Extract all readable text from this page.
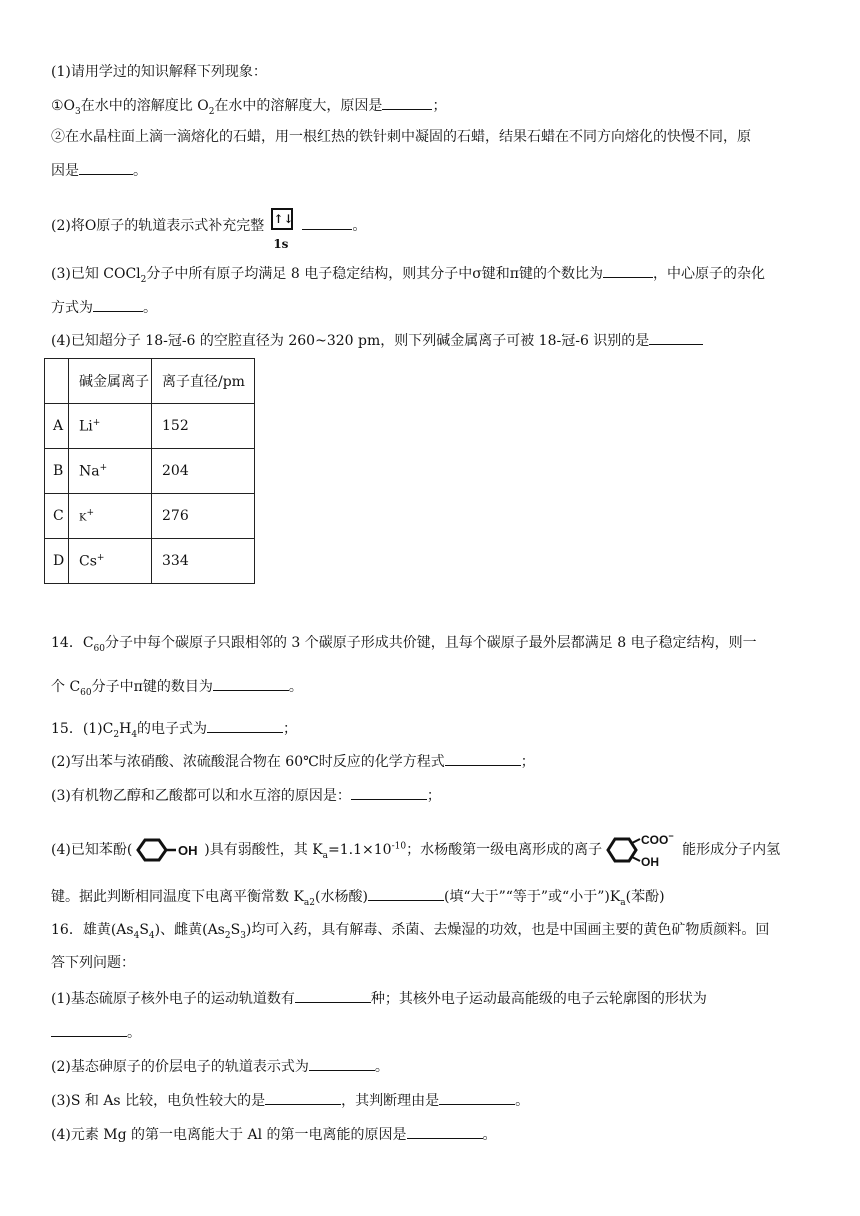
(1)请用学过的知识解释下列现象：
$①O_3$在水中的溶解度比 $O_2$在水中的溶解度大，原因是	；
②在水晶柱面上滴一滴熔化的石蜡，用一根红热的铁针刺中凝固的石蜡，结果石蜡在不同方向熔化的快慢不同，原
因是	。
(2)将O原子的轨道表示式补充完整 ↑↓
1s
。
(3)已知 COCl$_2$分子中所有原子均满足 8 电子稳定结构，则其分子中σ键和π键的个数比为	，中心原子的杂化
方式为	。
(4)已知超分子 18-冠-6 的空腔直径为 260~320 pm，则下列碱金属离子可被 18-冠-6 识别的是
	碱金属离子	离子直径/pm
A	Li+	152
B	Na+	204
C	K+	276
D	Cs+	334
14．$C_{60}$分子中每个碳原子只跟相邻的 3 个碳原子形成共价键，且每个碳原子最外层都满足 8 电子稳定结构，则一
个 $C_{60}$分子中π键的数目为	。
15．$(1)C_2H_4$的电子式为	；
(2)写出苯与浓硝酸、浓硫酸混合物在 60℃时反应的化学方程式	；
(3)有机物乙醇和乙酸都可以和水互溶的原因是：	；
(4)已知苯酚(	OH )具有弱酸性，其 $K_a=1.1\times 10^{-10}$；水杨酸第一级电离形成的离子
COO−
OH
能形成分子内氢
键。据此判断相同温度下电离平衡常数 $K_{a2}$(水杨酸)	(填“大于”“等于”或“小于$”)K_a$(苯酚)
16．雄黄$(As_4S_4)$、雌黄$(As_2S_3)$均可入药，具有解毒、杀菌、去燥湿的功效，也是中国画主要的黄色矿物质颜料。回
答下列问题：
(1)基态硫原子核外电子的运动轨道数有	种；其核外电子运动最高能级的电子云轮廓图的形状为
。
(2)基态砷原子的价层电子的轨道表示式为	。
(3)S 和 As 比较，电负性较大的是	，其判断理由是	。
(4)元素 Mg 的第一电离能大于 Al 的第一电离能的原因是	。
